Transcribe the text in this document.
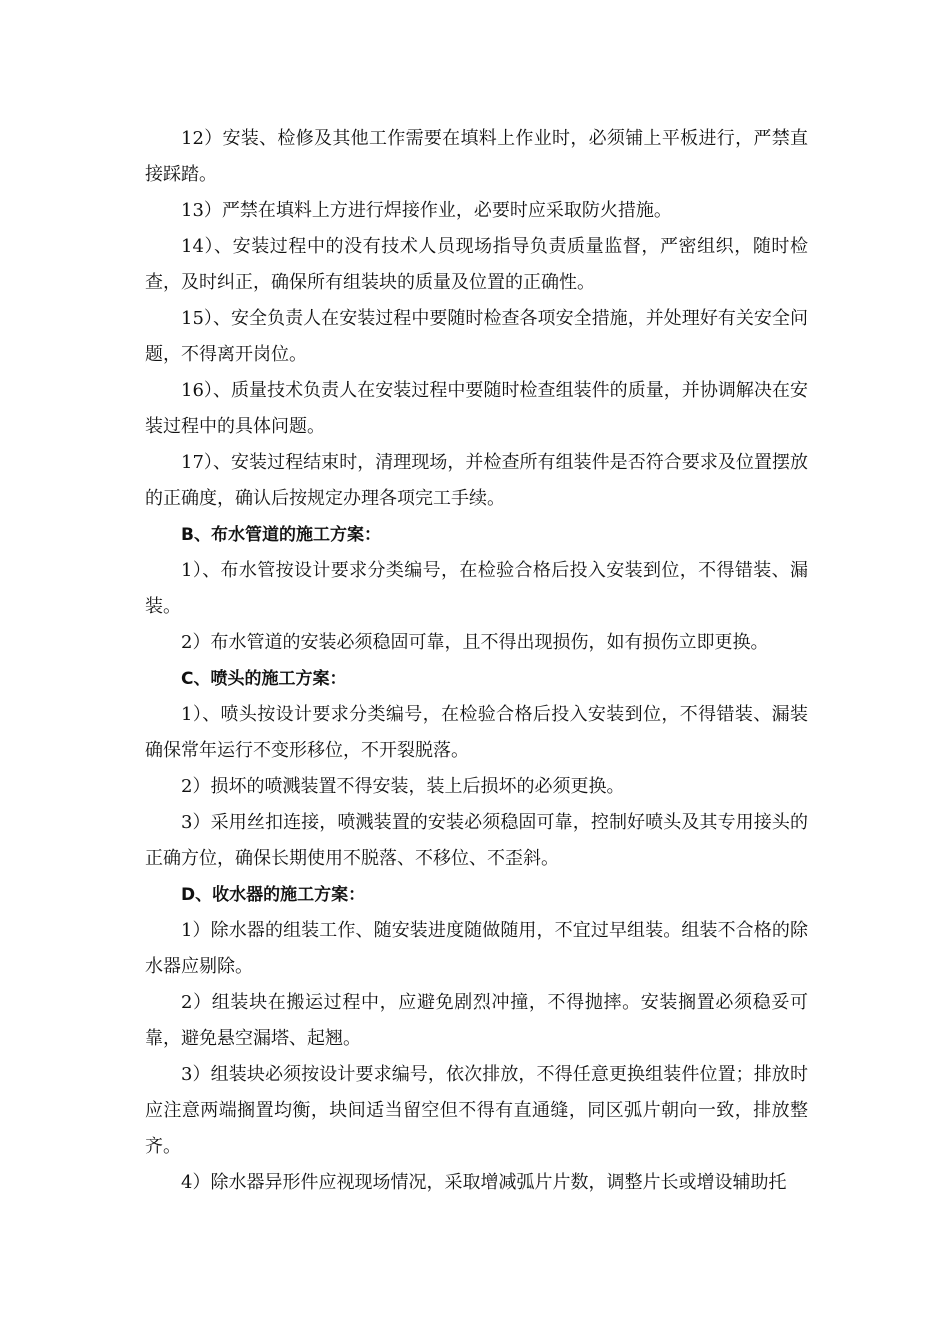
12）安装、检修及其他工作需要在填料上作业时，必须铺上平板进行，严禁直接踩踏。

13）严禁在填料上方进行焊接作业，必要时应采取防火措施。

14）、安装过程中的没有技术人员现场指导负责质量监督，严密组织，随时检查，及时纠正，确保所有组装块的质量及位置的正确性。

15）、安全负责人在安装过程中要随时检查各项安全措施，并处理好有关安全问题，不得离开岗位。

16）、质量技术负责人在安装过程中要随时检查组装件的质量，并协调解决在安装过程中的具体问题。

17）、安装过程结束时，清理现场，并检查所有组装件是否符合要求及位置摆放的正确度，确认后按规定办理各项完工手续。

B、布水管道的施工方案：

1）、布水管按设计要求分类编号，在检验合格后投入安装到位，不得错装、漏装。

2）布水管道的安装必须稳固可靠，且不得出现损伤，如有损伤立即更换。

C、喷头的施工方案：

1）、喷头按设计要求分类编号，在检验合格后投入安装到位，不得错装、漏装确保常年运行不变形移位，不开裂脱落。

2）损坏的喷溅装置不得安装，装上后损坏的必须更换。

3）采用丝扣连接，喷溅装置的安装必须稳固可靠，控制好喷头及其专用接头的正确方位，确保长期使用不脱落、不移位、不歪斜。

D、收水器的施工方案：

1）除水器的组装工作、随安装进度随做随用，不宜过早组装。组装不合格的除水器应剔除。

2）组装块在搬运过程中，应避免剧烈冲撞，不得抛摔。安装搁置必须稳妥可靠，避免悬空漏塔、起翘。

3）组装块必须按设计要求编号，依次排放，不得任意更换组装件位置；排放时应注意两端搁置均衡，块间适当留空但不得有直通缝，同区弧片朝向一致，排放整齐。

4）除水器异形件应视现场情况，采取增减弧片片数，调整片长或增设辅助托
